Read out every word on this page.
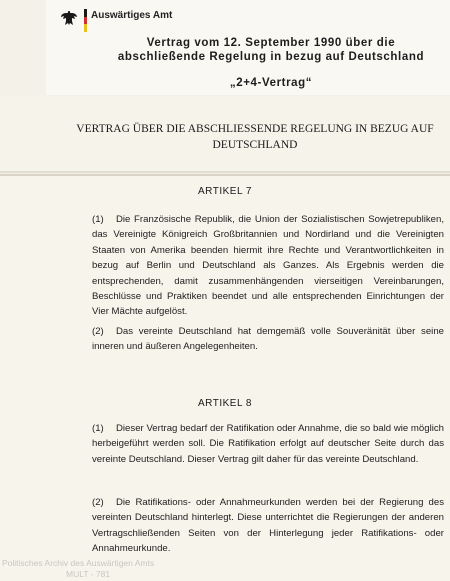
Auswärtiges Amt
Vertrag vom 12. September 1990 über die
abschließende Regelung in bezug auf Deutschland
„2+4-Vertrag“
VERTRAG ÜBER DIE ABSCHLIESSENDE REGELUNG IN BEZUG AUF
DEUTSCHLAND
ARTIKEL 7
(1) Die Französische Republik, die Union der Sozialistischen Sowjetrepubliken, das Vereinigte Königreich Großbritannien und Nordirland und die Vereinigten Staaten von Amerika beenden hiermit ihre Rechte und Verantwortlichkeiten in bezug auf Berlin und Deutschland als Ganzes. Als Ergebnis werden die entsprechenden, damit zusammenhängenden vierseitigen Vereinbarungen, Beschlüsse und Praktiken beendet und alle entsprechenden Einrichtungen der Vier Mächte aufgelöst.
(2) Das vereinte Deutschland hat demgemäß volle Souveränität über seine inneren und äußeren Angelegenheiten.
ARTIKEL 8
(1) Dieser Vertrag bedarf der Ratifikation oder Annahme, die so bald wie möglich herbeigeführt werden soll. Die Ratifikation erfolgt auf deutscher Seite durch das vereinte Deutschland. Dieser Vertrag gilt daher für das vereinte Deutschland.
(2) Die Ratifikations- oder Annahmeurkunden werden bei der Regierung des vereinten Deutschland hinterlegt. Diese unterrichtet die Regierungen der anderen Vertragschließenden Seiten von der Hinterlegung jeder Ratifikations- oder Annahmeurkunde.
Politisches Archiv des Auswärtigen Amts
MULT - 781
